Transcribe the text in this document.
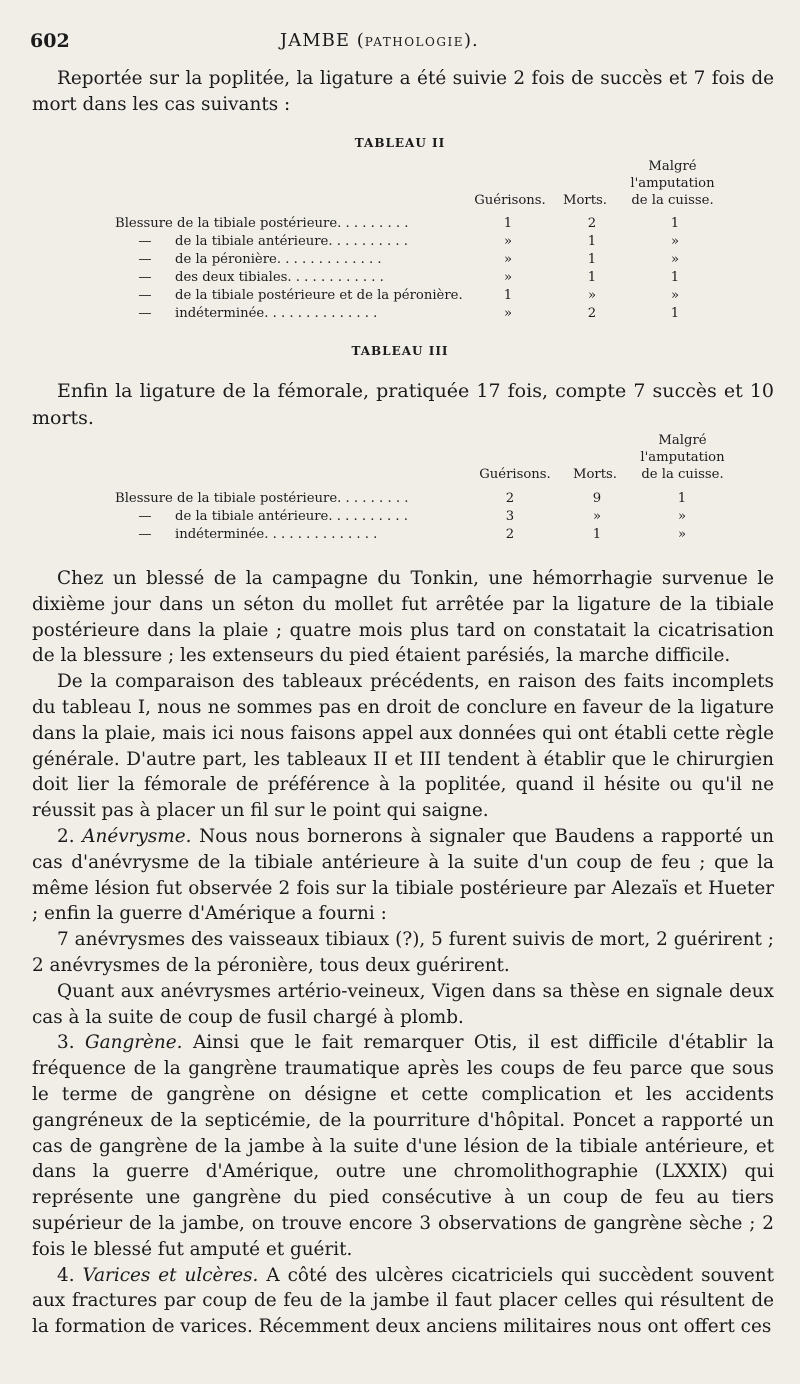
602	JAMBE (PATHOLOGIE).

Reportée sur la poplitée, la ligature a été suivie 2 fois de succès et 7 fois de mort dans les cas suivants :

TABLEAU II
Malgré
l'amputation
de la cuisse.
Guérisons.	Morts.
Blessure de la tibiale postérieure. . . . . . . . .	1	2	1
— de la tibiale antérieure. . . . . . . . . .	»	1	»
— de la péronière. . . . . . . . . . . . .	»	1	»
— des deux tibiales. . . . . . . . . . . .	»	1	1
— de la tibiale postérieure et de la péronière.	1	»	»
— indéterminée. . . . . . . . . . . . . .	»	2	1
TABLEAU III

Enfin la ligature de la fémorale, pratiquée 17 fois, compte 7 succès et 10 morts.

Malgré
l'amputation
de la cuisse.
Guérisons.	Morts.
Blessure de la tibiale postérieure. . . . . . . . .	2	9	1
— de la tibiale antérieure. . . . . . . . . .	3	»	»
— indéterminée. . . . . . . . . . . . . .	2	1	»

Chez un blessé de la campagne du Tonkin, une hémorrhagie survenue le dixième jour dans un séton du mollet fut arrêtée par la ligature de la tibiale postérieure dans la plaie ; quatre mois plus tard on constatait la cicatrisation de la blessure ; les extenseurs du pied étaient parésiés, la marche difficile.

De la comparaison des tableaux précédents, en raison des faits incomplets du tableau I, nous ne sommes pas en droit de conclure en faveur de la ligature dans la plaie, mais ici nous faisons appel aux données qui ont établi cette règle générale. D'autre part, les tableaux II et III tendent à établir que le chirurgien doit lier la fémorale de préférence à la poplitée, quand il hésite ou qu'il ne réussit pas à placer un fil sur le point qui saigne.

2. Anévrysme. Nous nous bornerons à signaler que Baudens a rapporté un cas d'anévrysme de la tibiale antérieure à la suite d'un coup de feu ; que la même lésion fut observée 2 fois sur la tibiale postérieure par Alezaïs et Hueter ; enfin la guerre d'Amérique a fourni :

7 anévrysmes des vaisseaux tibiaux (?), 5 furent suivis de mort, 2 guérirent ; 2 anévrysmes de la péronière, tous deux guérirent.

Quant aux anévrysmes artério-veineux, Vigen dans sa thèse en signale deux cas à la suite de coup de fusil chargé à plomb.

3. Gangrène. Ainsi que le fait remarquer Otis, il est difficile d'établir la fréquence de la gangrène traumatique après les coups de feu parce que sous le terme de gangrène on désigne et cette complication et les accidents gangréneux de la septicémie, de la pourriture d'hôpital. Poncet a rapporté un cas de gangrène de la jambe à la suite d'une lésion de la tibiale antérieure, et dans la guerre d'Amérique, outre une chromolithographie (LXXIX) qui représente une gangrène du pied consécutive à un coup de feu au tiers supérieur de la jambe, on trouve encore 3 observations de gangrène sèche ; 2 fois le blessé fut amputé et guérit.

4. Varices et ulcères. A côté des ulcères cicatriciels qui succèdent souvent aux fractures par coup de feu de la jambe il faut placer celles qui résultent de la formation de varices. Récemment deux anciens militaires nous ont offert ces
